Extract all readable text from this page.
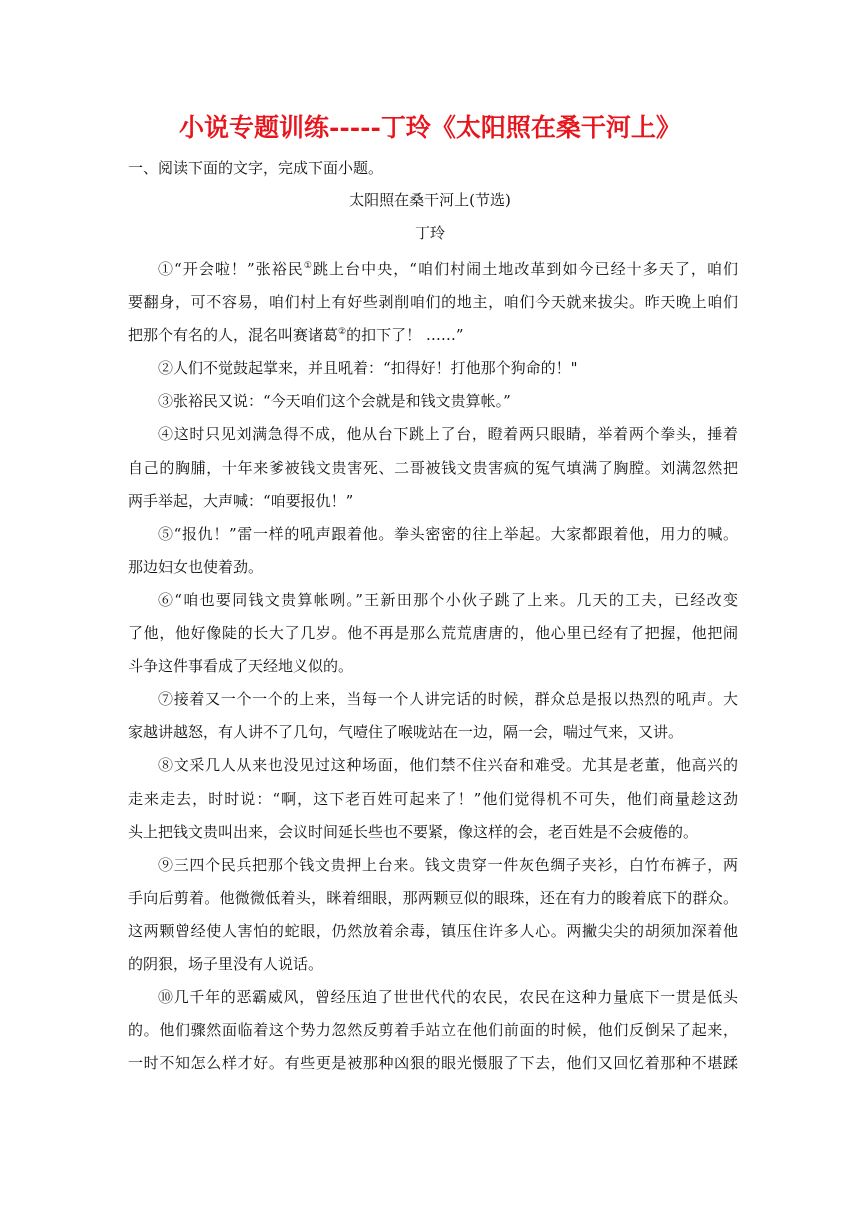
小说专题训练-----丁玲《太阳照在桑干河上》
一、阅读下面的文字，完成下面小题。
太阳照在桑干河上(节选)
丁玲
①“开会啦！”张裕民①跳上台中央，“咱们村闹土地改革到如今已经十多天了，咱们
要翻身，可不容易，咱们村上有好些剥削咱们的地主，咱们今天就来拔尖。昨天晚上咱们
把那个有名的人，混名叫赛诸葛②的扣下了！ ……”
②人们不觉鼓起掌来，并且吼着：“扣得好！打他那个狗命的！"
③张裕民又说：“今天咱们这个会就是和钱文贵算帐。”
④这时只见刘满急得不成，他从台下跳上了台，瞪着两只眼睛，举着两个拳头，捶着
自己的胸脯，十年来爹被钱文贵害死、二哥被钱文贵害疯的冤气填满了胸膛。刘满忽然把
两手举起，大声喊：“咱要报仇！”
⑤“报仇！”雷一样的吼声跟着他。拳头密密的往上举起。大家都跟着他，用力的喊。
那边妇女也使着劲。
⑥“咱也要同钱文贵算帐咧。”王新田那个小伙子跳了上来。几天的工夫，已经改变
了他，他好像陡的长大了几岁。他不再是那么荒荒唐唐的，他心里已经有了把握，他把闹
斗争这件事看成了天经地义似的。
⑦接着又一个一个的上来，当每一个人讲完话的时候，群众总是报以热烈的吼声。大
家越讲越怒，有人讲不了几句，气噎住了喉咙站在一边，隔一会，喘过气来，又讲。
⑧文采几人从来也没见过这种场面，他们禁不住兴奋和难受。尤其是老董，他高兴的
走来走去，时时说：“啊，这下老百姓可起来了！”他们觉得机不可失，他们商量趁这劲
头上把钱文贵叫出来，会议时间延长些也不要紧，像这样的会，老百姓是不会疲倦的。
⑨三四个民兵把那个钱文贵押上台来。钱文贵穿一件灰色绸子夹衫，白竹布裤子，两
手向后剪着。他微微低着头，眯着细眼，那两颗豆似的眼珠，还在有力的睃着底下的群众。
这两颗曾经使人害怕的蛇眼，仍然放着余毒，镇压住许多人心。两撇尖尖的胡须加深着他
的阴狠，场子里没有人说话。
⑩几千年的恶霸威风，曾经压迫了世世代代的农民，农民在这种力量底下一贯是低头
的。他们骤然面临着这个势力忽然反剪着手站立在他们前面的时候，他们反倒呆了起来，
一时不知怎么样才好。有些更是被那种凶狠的眼光慑服了下去，他们又回忆着那种不堪蹂
